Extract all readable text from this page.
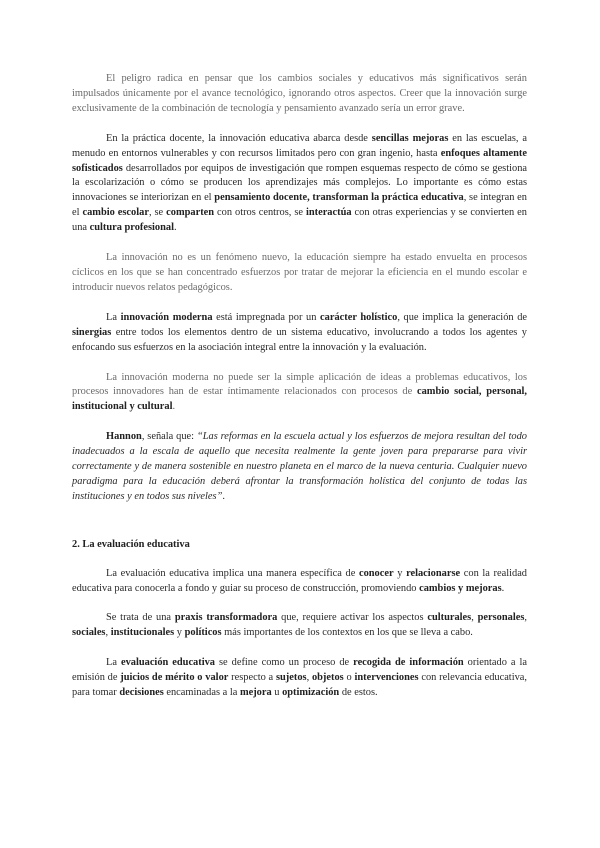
El peligro radica en pensar que los cambios sociales y educativos más significativos serán impulsados únicamente por el avance tecnológico, ignorando otros aspectos. Creer que la innovación surge exclusivamente de la combinación de tecnología y pensamiento avanzado sería un error grave.

En la práctica docente, la innovación educativa abarca desde sencillas mejoras en las escuelas, a menudo en entornos vulnerables y con recursos limitados pero con gran ingenio, hasta enfoques altamente sofisticados desarrollados por equipos de investigación que rompen esquemas respecto de cómo se gestiona la escolarización o cómo se producen los aprendizajes más complejos. Lo importante es cómo estas innovaciones se interiorizan en el pensamiento docente, transforman la práctica educativa, se integran en el cambio escolar, se comparten con otros centros, se interactúa con otras experiencias y se convierten en una cultura profesional.

La innovación no es un fenómeno nuevo, la educación siempre ha estado envuelta en procesos cíclicos en los que se han concentrado esfuerzos por tratar de mejorar la eficiencia en el mundo escolar e introducir nuevos relatos pedagógicos.

La innovación moderna está impregnada por un carácter holístico, que implica la generación de sinergias entre todos los elementos dentro de un sistema educativo, involucrando a todos los agentes y enfocando sus esfuerzos en la asociación integral entre la innovación y la evaluación.

La innovación moderna no puede ser la simple aplicación de ideas a problemas educativos, los procesos innovadores han de estar íntimamente relacionados con procesos de cambio social, personal, institucional y cultural.

Hannon, señala que: “Las reformas en la escuela actual y los esfuerzos de mejora resultan del todo inadecuados a la escala de aquello que necesita realmente la gente joven para prepararse para vivir correctamente y de manera sostenible en nuestro planeta en el marco de la nueva centuria. Cualquier nuevo paradigma para la educación deberá afrontar la transformación holística del conjunto de todas las instituciones y en todos sus niveles”.

2. La evaluación educativa

La evaluación educativa implica una manera específica de conocer y relacionarse con la realidad educativa para conocerla a fondo y guiar su proceso de construcción, promoviendo cambios y mejoras.

Se trata de una praxis transformadora que, requiere activar los aspectos culturales, personales, sociales, institucionales y políticos más importantes de los contextos en los que se lleva a cabo.

La evaluación educativa se define como un proceso de recogida de información orientado a la emisión de juicios de mérito o valor respecto a sujetos, objetos o intervenciones con relevancia educativa, para tomar decisiones encaminadas a la mejora u optimización de estos.
